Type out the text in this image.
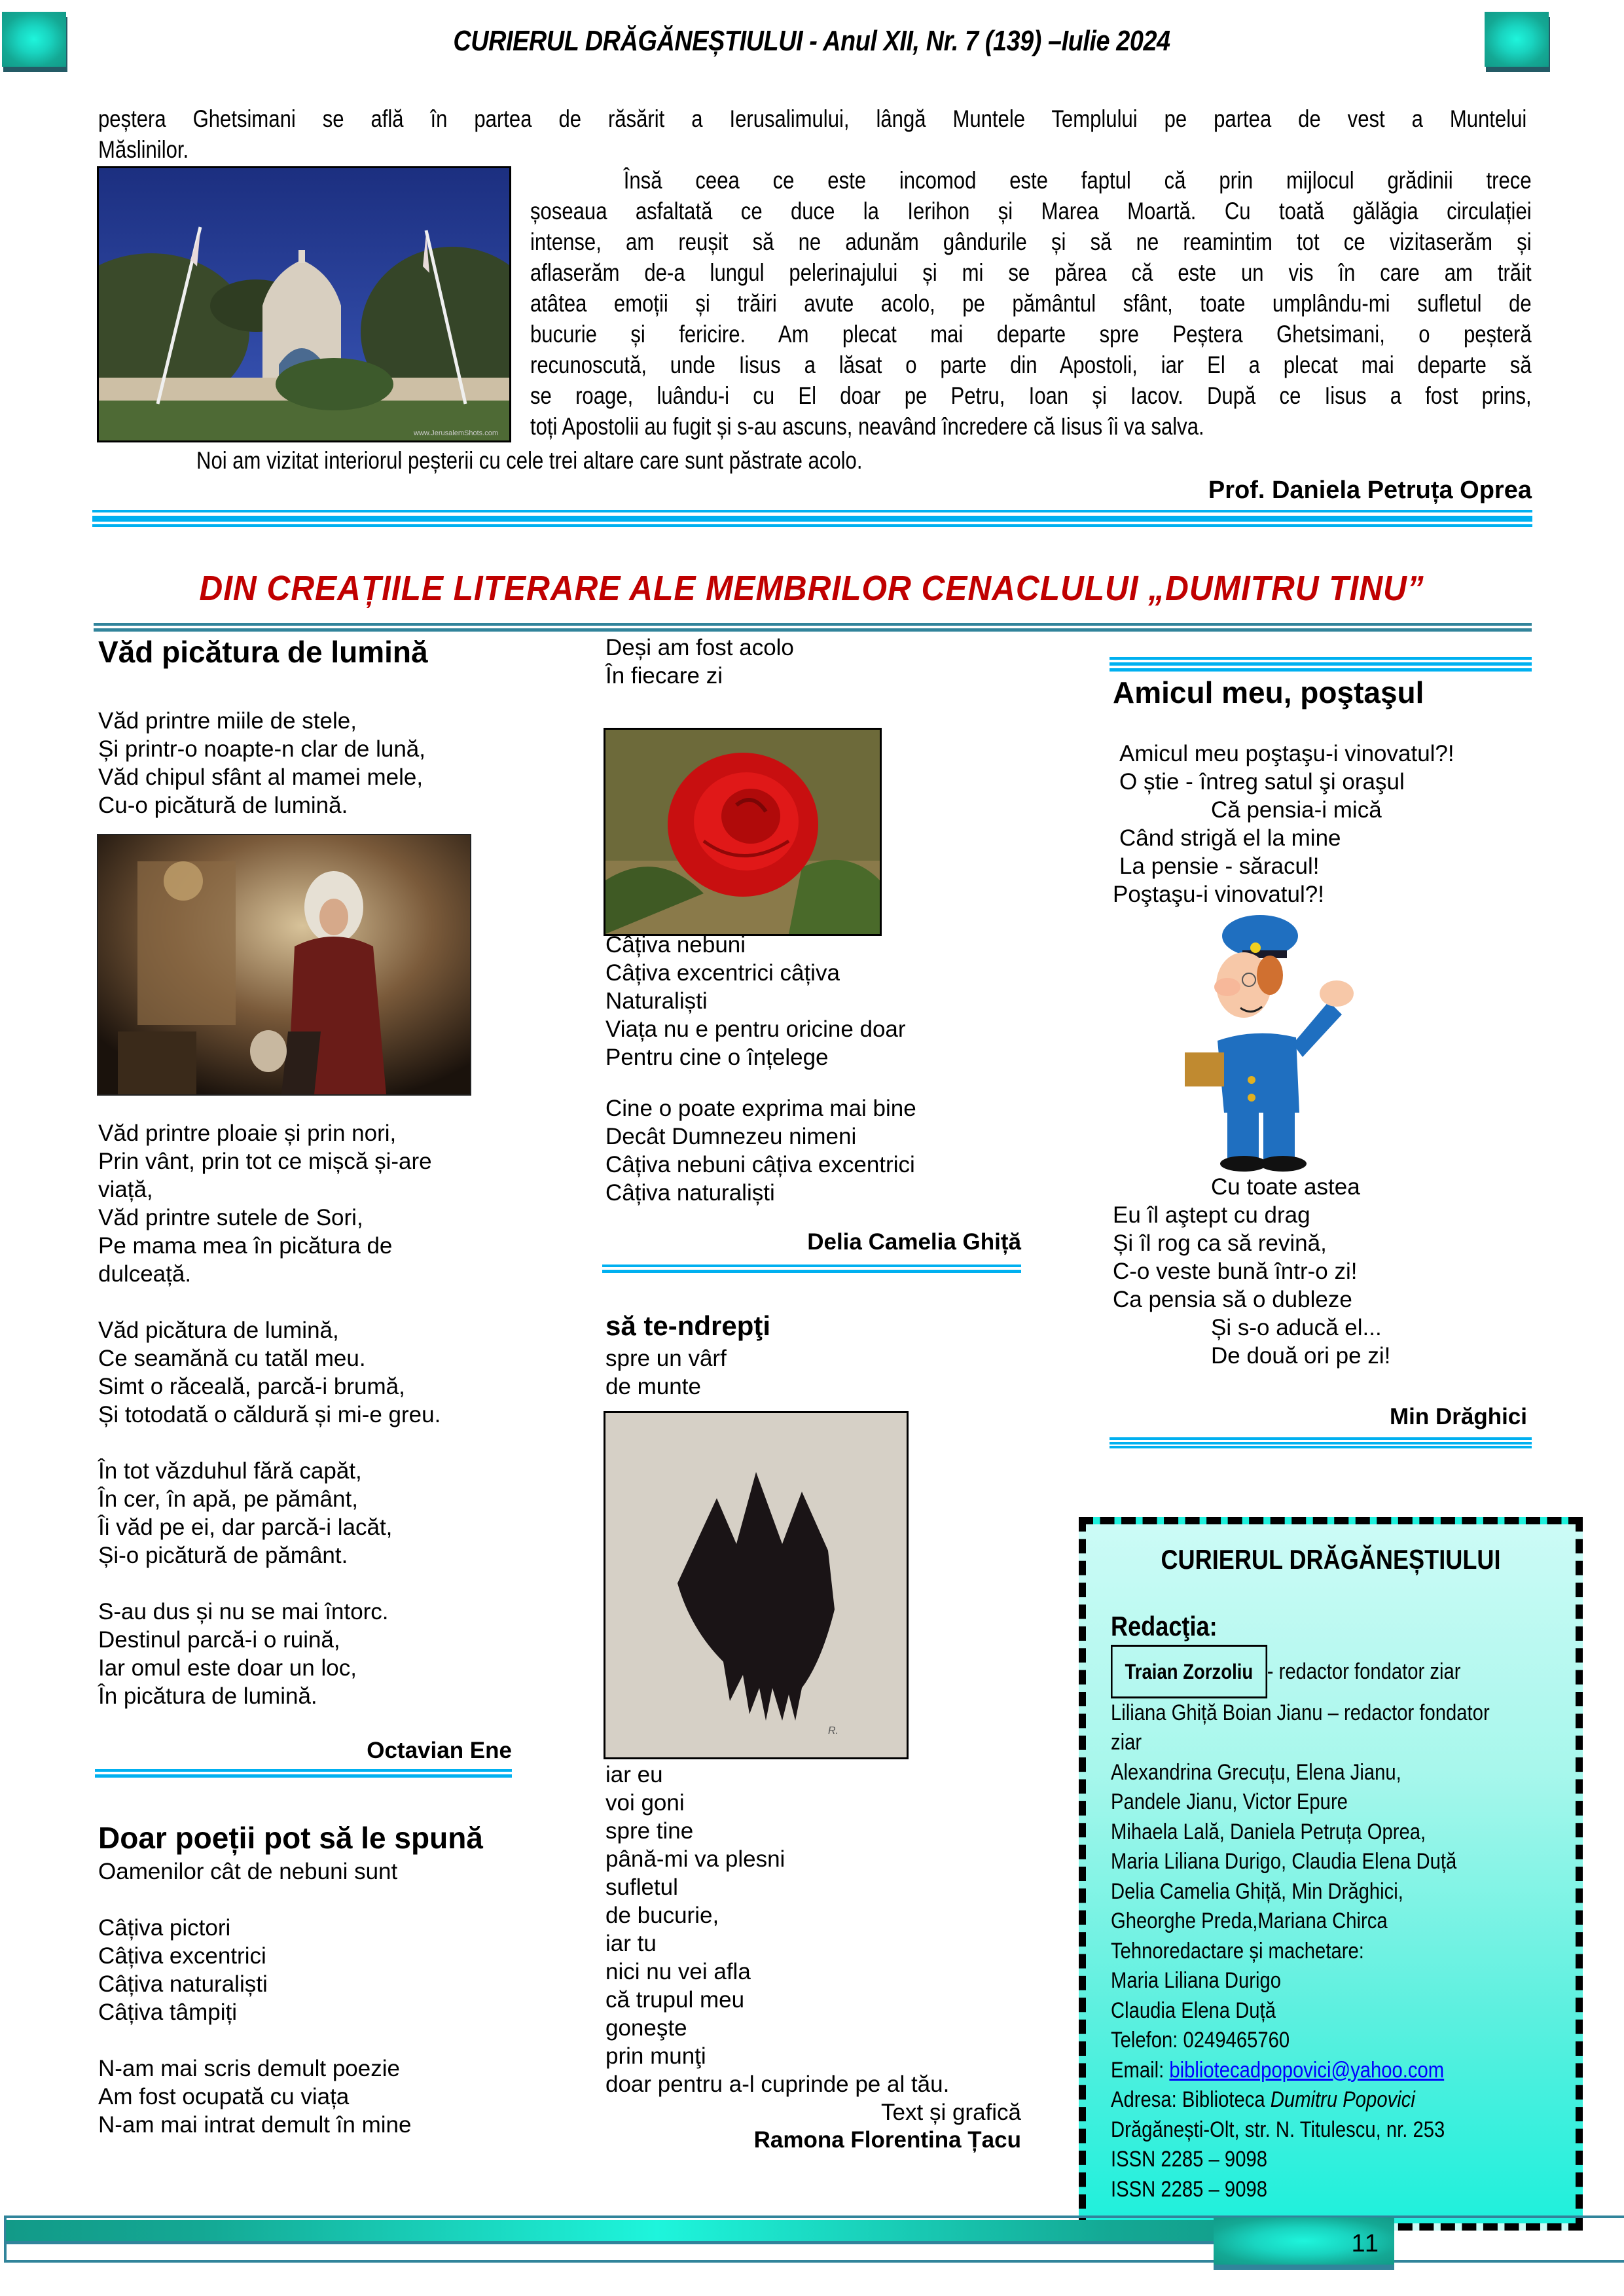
CURIERUL DRĂGĂNEȘTIULUI - Anul XII, Nr. 7 (139) –Iulie 2024
peștera Ghetsimani se află în partea de răsărit a Ierusalimului, lângă Muntele Templului pe partea de vest a Muntelui
Măslinilor.
www.JerusalemShots.com
Însă ceea ce este incomod este faptul că prin mijlocul grădinii trece
șoseaua asfaltată ce duce la Ierihon și Marea Moartă. Cu toată gălăgia circulației
intense, am reușit să ne adunăm gândurile și să ne reamintim tot ce vizitaserăm și
aflaserăm de-a lungul pelerinajului și mi se părea că este un vis în care am trăit
atâtea emoții și trăiri avute acolo, pe pământul sfânt, toate umplându-mi sufletul de
bucurie și fericire. Am plecat mai departe spre Peștera Ghetsimani, o peșteră
recunoscută, unde Iisus a lăsat o parte din Apostoli, iar El a plecat mai departe să
se roage, luându-i cu El doar pe Petru, Ioan și Iacov. După ce Iisus a fost prins,
toți Apostolii au fugit și s-au ascuns, neavând încredere că Iisus îi va salva.
Noi am vizitat interiorul peșterii cu cele trei altare care sunt păstrate acolo.
Prof. Daniela Petruța Oprea
DIN CREAȚIILE LITERARE ALE MEMBRILOR CENACLULUI „DUMITRU TINU”
Văd picătura de lumină
Văd printre miile de stele,
Și printr-o noapte-n clar de lună,
Văd chipul sfânt al mamei mele,
Cu-o picătură de lumină.
Văd printre ploaie și prin nori,
Prin vânt, prin tot ce mișcă și-are
viață,
Văd printre sutele de Sori,
Pe mama mea în picătura de
dulceață.

Văd picătura de lumină,
Ce seamănă cu tatăl meu.
Simt o răceală, parcă-i brumă,
Și totodată o căldură și mi-e greu.

În tot văzduhul fără capăt,
În cer, în apă, pe pământ,
Îi văd pe ei, dar parcă-i lacăt,
Și-o picătură de pământ.

S-au dus și nu se mai întorc.
Destinul parcă-i o ruină,
Iar omul este doar un loc,
În picătura de lumină.
Octavian Ene
Doar poeții pot să le spună
Oamenilor cât de nebuni sunt

Câțiva pictori
Câțiva excentrici
Câțiva naturaliști
Câțiva tâmpiți

N-am mai scris demult poezie
Am fost ocupată cu viața
N-am mai intrat demult în mine
Deși am fost acolo
În fiecare zi
Câțiva nebuni
Câțiva excentrici câțiva
Naturaliști
Viața nu e pentru oricine doar
Pentru cine o înțelege
Cine o poate exprima mai bine
Decât Dumnezeu nimeni
Câțiva nebuni câțiva excentrici
Câțiva naturaliști
Delia Camelia Ghiță
să te-ndrepţi
spre un vârf
de munte
R.
iar eu
voi goni
spre tine
până-mi va plesni
sufletul
de bucurie,
iar tu
nici nu vei afla
că trupul meu
goneşte
prin munţi
doar pentru a-l cuprinde pe al tău.
Text și grafică
Ramona Florentina Țacu
Amicul meu, poştaşul
Amicul meu poştaşu-i vinovatul?!
O știe - întreg satul şi oraşul
Că pensia-i mică
Când strigă el la mine
La pensie - săracul!
Poştaşu-i vinovatul?!
Cu toate astea
Eu îl aştept cu drag
Și îl rog ca să revină,
C-o veste bună într-o zi!
Ca pensia să o dubleze
Și s-o aducă el...
De două ori pe zi!
Min Drăghici
CURIERUL DRĂGĂNEȘTIULUI
Redacţia:
Traian Zorzoliu - redactor fondator ziar
Liliana Ghiță Boian Jianu – redactor fondator
ziar
Alexandrina Grecuțu, Elena Jianu,
Pandele Jianu, Victor Epure
Mihaela Lală, Daniela Petruța Oprea,
Maria Liliana Durigo, Claudia Elena Duță
Delia Camelia Ghiță, Min Drăghici,
Gheorghe Preda,Mariana Chirca
Tehnoredactare și machetare:
Maria Liliana Durigo
Claudia Elena Duță
Telefon: 0249465760
Email: bibliotecadpopovici@yahoo.com
Adresa: Biblioteca Dumitru Popovici
Drăgănești-Olt, str. N. Titulescu, nr. 253
ISSN 2285 – 9098
ISSN 2285 – 9098
11
